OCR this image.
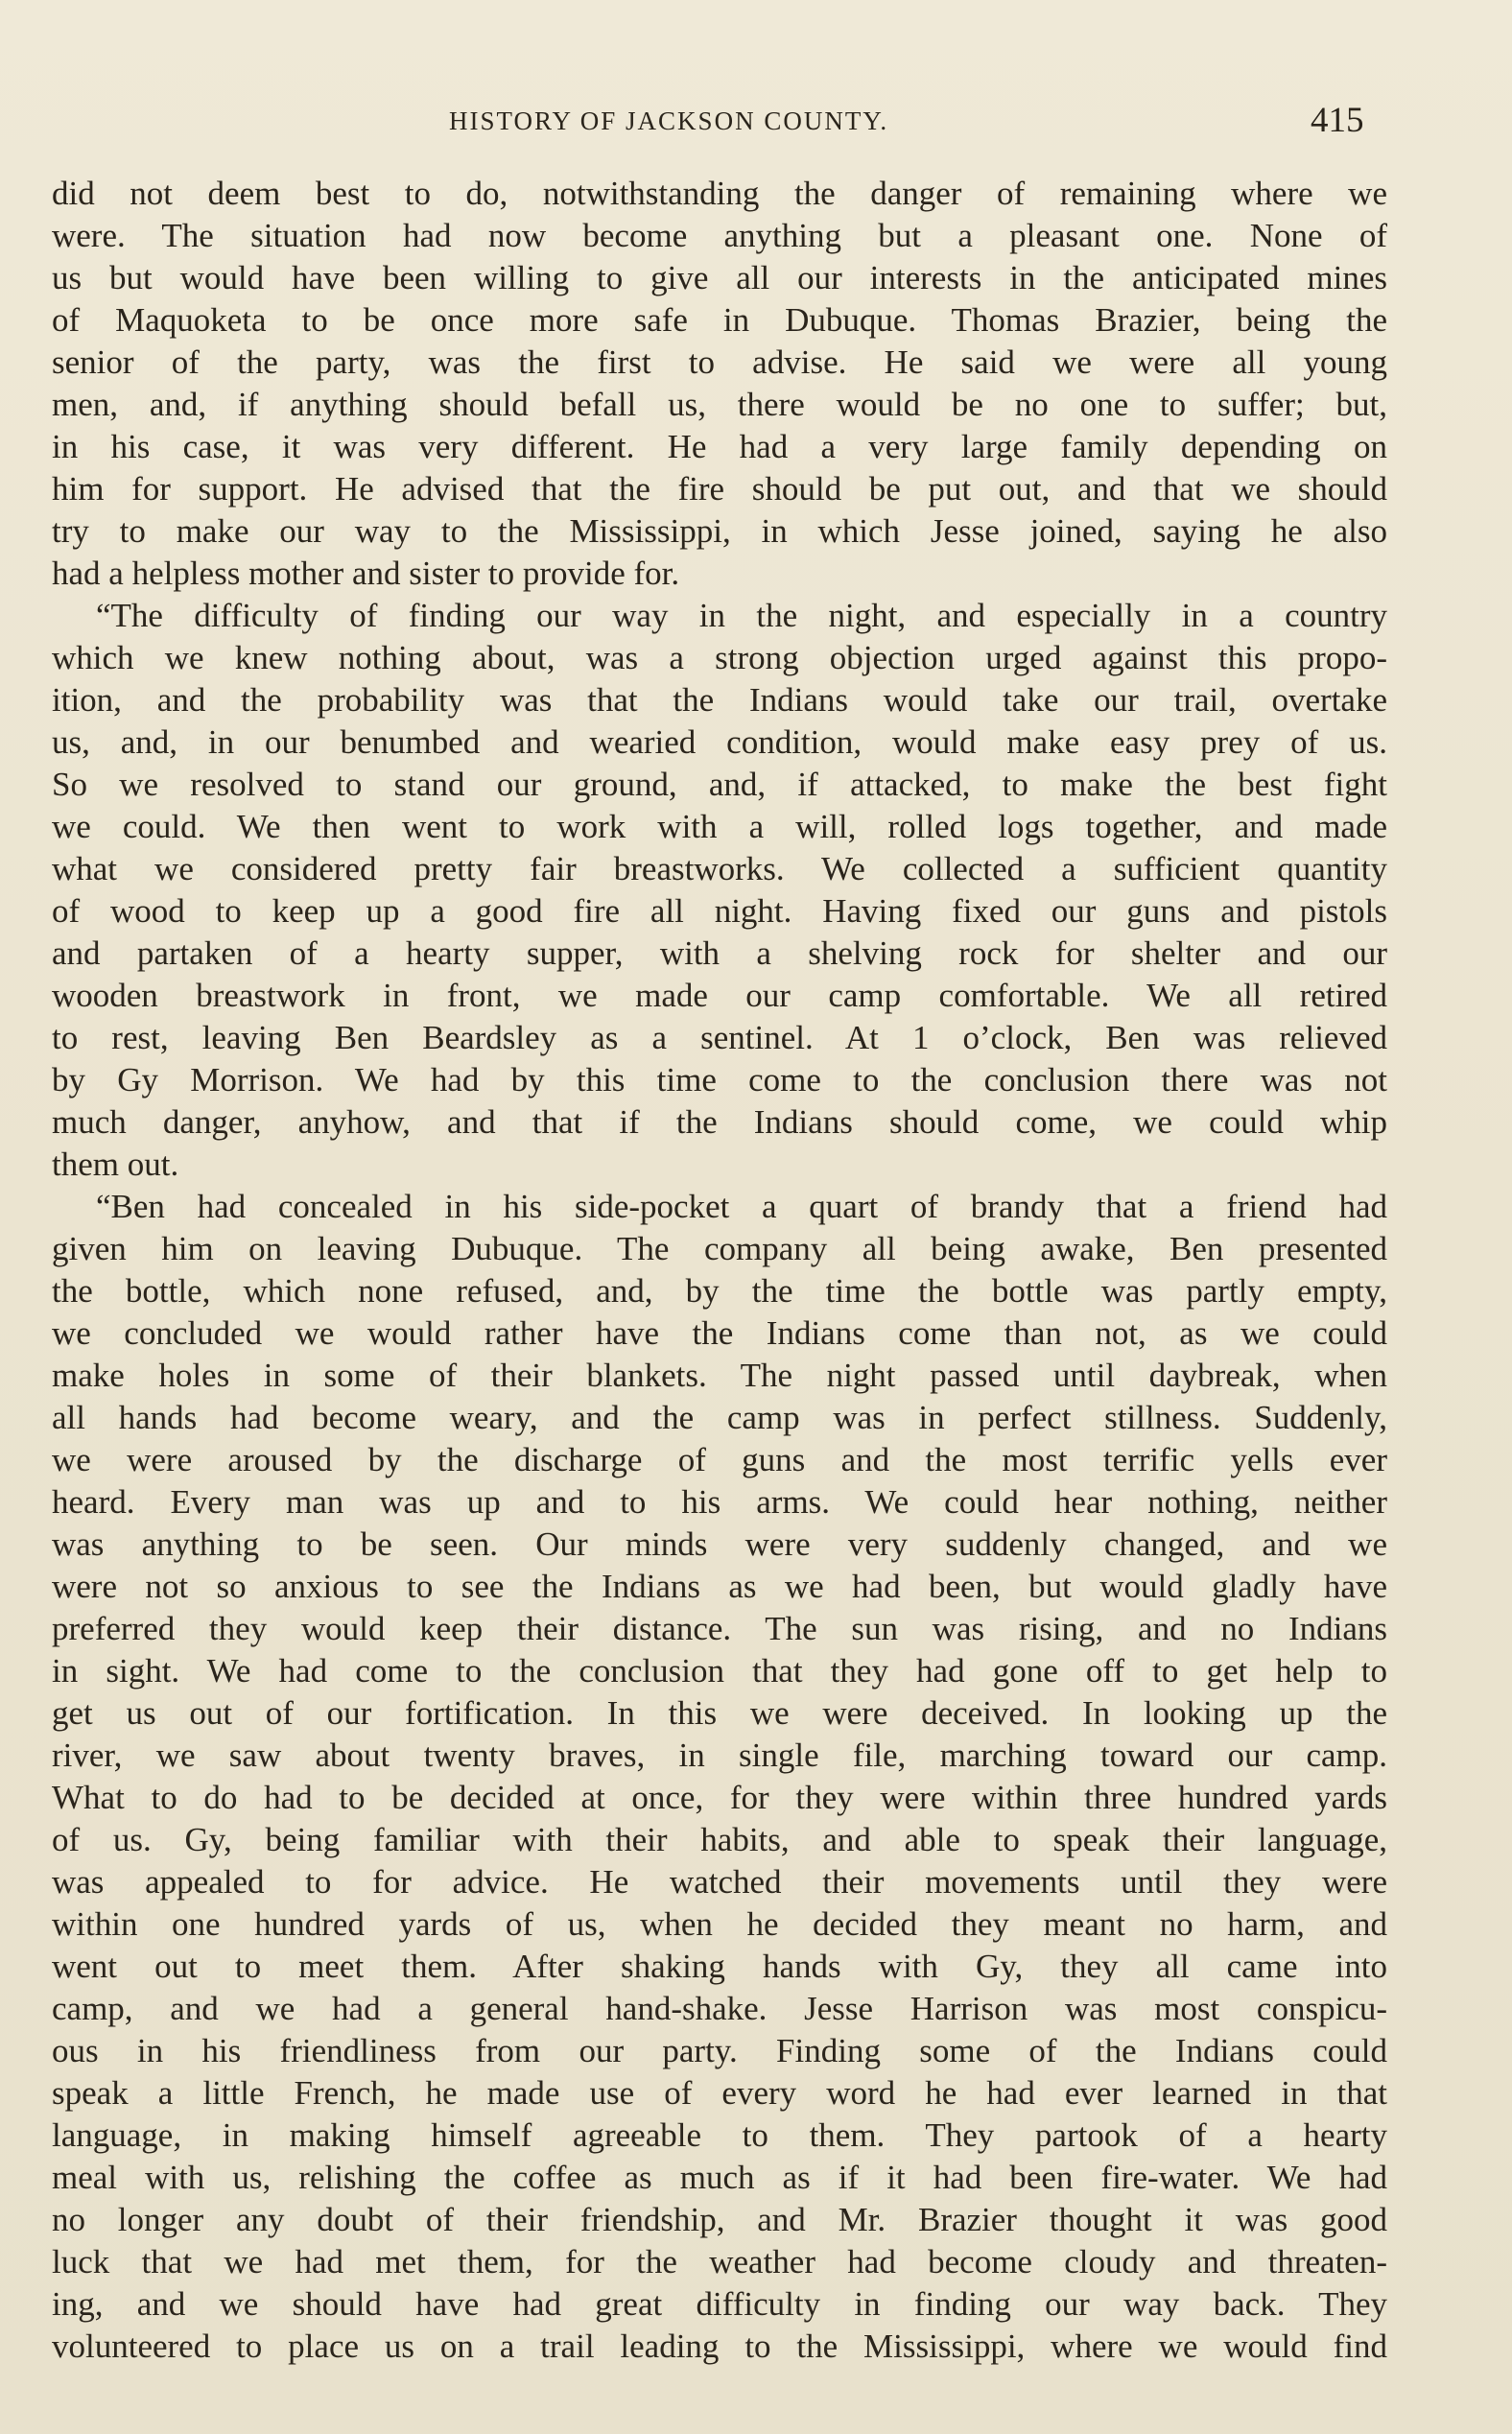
HISTORY OF JACKSON COUNTY.	415
did not deem best to do, notwithstanding the danger of remaining where we
were. The situation had now become anything but a pleasant one. None of
us but would have been willing to give all our interests in the anticipated mines
of Maquoketa to be once more safe in Dubuque. Thomas Brazier, being the
senior of the party, was the first to advise. He said we were all young
men, and, if anything should befall us, there would be no one to suffer; but,
in his case, it was very different. He had a very large family depending on
him for support. He advised that the fire should be put out, and that we should
try to make our way to the Mississippi, in which Jesse joined, saying he also
had a helpless mother and sister to provide for.
“The difficulty of finding our way in the night, and especially in a country
which we knew nothing about, was a strong objection urged against this propo-
ition, and the probability was that the Indians would take our trail, overtake
us, and, in our benumbed and wearied condition, would make easy prey of us.
So we resolved to stand our ground, and, if attacked, to make the best fight
we could. We then went to work with a will, rolled logs together, and made
what we considered pretty fair breastworks. We collected a sufficient quantity
of wood to keep up a good fire all night. Having fixed our guns and pistols
and partaken of a hearty supper, with a shelving rock for shelter and our
wooden breastwork in front, we made our camp comfortable. We all retired
to rest, leaving Ben Beardsley as a sentinel. At 1 o’clock, Ben was relieved
by Gy Morrison. We had by this time come to the conclusion there was not
much danger, anyhow, and that if the Indians should come, we could whip
them out.
“Ben had concealed in his side-pocket a quart of brandy that a friend had
given him on leaving Dubuque. The company all being awake, Ben presented
the bottle, which none refused, and, by the time the bottle was partly empty,
we concluded we would rather have the Indians come than not, as we could
make holes in some of their blankets. The night passed until daybreak, when
all hands had become weary, and the camp was in perfect stillness. Suddenly,
we were aroused by the discharge of guns and the most terrific yells ever
heard. Every man was up and to his arms. We could hear nothing, neither
was anything to be seen. Our minds were very suddenly changed, and we
were not so anxious to see the Indians as we had been, but would gladly have
preferred they would keep their distance. The sun was rising, and no Indians
in sight. We had come to the conclusion that they had gone off to get help to
get us out of our fortification. In this we were deceived. In looking up the
river, we saw about twenty braves, in single file, marching toward our camp.
What to do had to be decided at once, for they were within three hundred yards
of us. Gy, being familiar with their habits, and able to speak their language,
was appealed to for advice. He watched their movements until they were
within one hundred yards of us, when he decided they meant no harm, and
went out to meet them. After shaking hands with Gy, they all came into
camp, and we had a general hand-shake. Jesse Harrison was most conspicu-
ous in his friendliness from our party. Finding some of the Indians could
speak a little French, he made use of every word he had ever learned in that
language, in making himself agreeable to them. They partook of a hearty
meal with us, relishing the coffee as much as if it had been fire-water. We had
no longer any doubt of their friendship, and Mr. Brazier thought it was good
luck that we had met them, for the weather had become cloudy and threaten-
ing, and we should have had great difficulty in finding our way back. They
volunteered to place us on a trail leading to the Mississippi, where we would find
